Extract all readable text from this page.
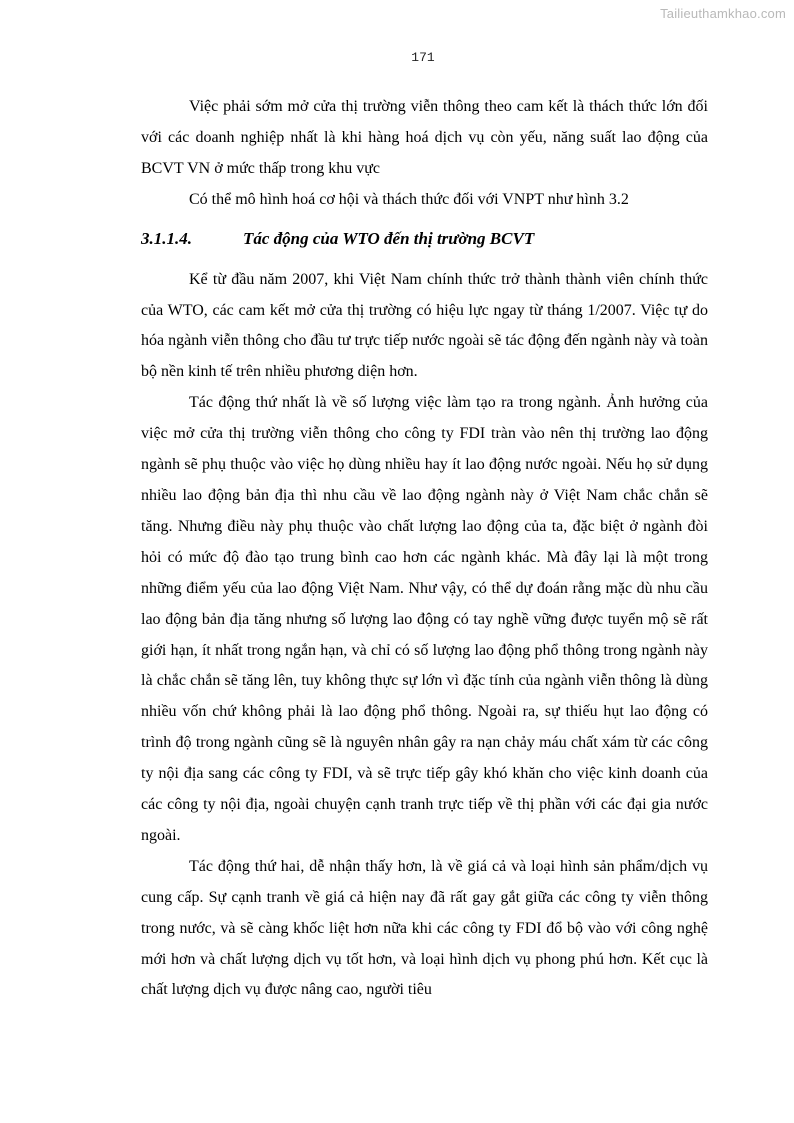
Tailieuthamkhao.com
171

Việc phải sớm mở cửa thị trường viễn thông theo cam kết là thách thức lớn đối với các doanh nghiệp nhất là khi hàng hoá dịch vụ còn yếu, năng suất lao động của BCVT VN ở mức thấp trong khu vực

Có thể mô hình hoá cơ hội và thách thức đối với VNPT như hình 3.2

3.1.1.4.	Tác động của WTO đến thị trường BCVT

Kể từ đầu năm 2007, khi Việt Nam chính thức trở thành thành viên chính thức của WTO, các cam kết mở cửa thị trường có hiệu lực ngay từ tháng 1/2007. Việc tự do hóa ngành viễn thông cho đầu tư trực tiếp nước ngoài sẽ tác động đến ngành này và toàn bộ nền kinh tế trên nhiều phương diện hơn.

Tác động thứ nhất là về số lượng việc làm tạo ra trong ngành. Ảnh hưởng của việc mở cửa thị trường viễn thông cho công ty FDI tràn vào nên thị trường lao động ngành sẽ phụ thuộc vào việc họ dùng nhiều hay ít lao động nước ngoài. Nếu họ sử dụng nhiều lao động bản địa thì nhu cầu về lao động ngành này ở Việt Nam chắc chắn sẽ tăng. Nhưng điều này phụ thuộc vào chất lượng lao động của ta, đặc biệt ở ngành đòi hỏi có mức độ đào tạo trung bình cao hơn các ngành khác. Mà đây lại là một trong những điểm yếu của lao động Việt Nam. Như vậy, có thể dự đoán rằng mặc dù nhu cầu lao động bản địa tăng nhưng số lượng lao động có tay nghề vững được tuyển mộ sẽ rất giới hạn, ít nhất trong ngắn hạn, và chỉ có số lượng lao động phổ thông trong ngành này là chắc chắn sẽ tăng lên, tuy không thực sự lớn vì đặc tính của ngành viễn thông là dùng nhiều vốn chứ không phải là lao động phổ thông. Ngoài ra, sự thiếu hụt lao động có trình độ trong ngành cũng sẽ là nguyên nhân gây ra nạn chảy máu chất xám từ các công ty nội địa sang các công ty FDI, và sẽ trực tiếp gây khó khăn cho việc kinh doanh của các công ty nội địa, ngoài chuyện cạnh tranh trực tiếp về thị phần với các đại gia nước ngoài.

Tác động thứ hai, dễ nhận thấy hơn, là về giá cả và loại hình sản phẩm/dịch vụ cung cấp. Sự cạnh tranh về giá cả hiện nay đã rất gay gắt giữa các công ty viễn thông trong nước, và sẽ càng khốc liệt hơn nữa khi các công ty FDI đổ bộ vào với công nghệ mới hơn và chất lượng dịch vụ tốt hơn, và loại hình dịch vụ phong phú hơn. Kết cục là chất lượng dịch vụ được nâng cao, người tiêu
